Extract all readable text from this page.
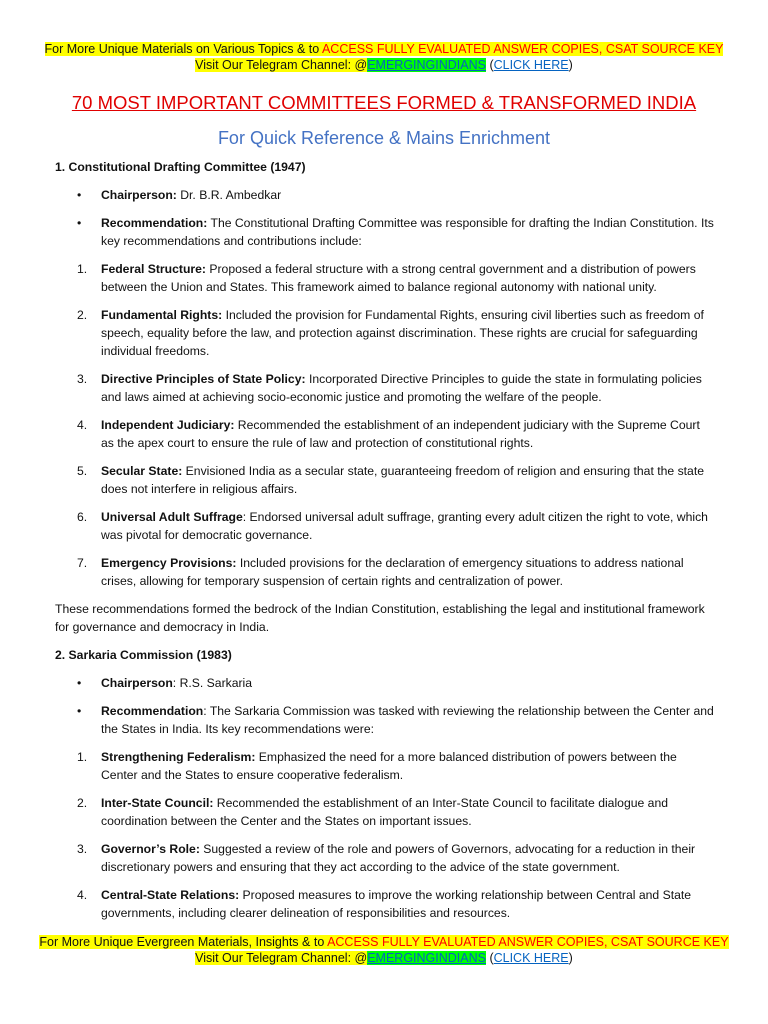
For More Unique Materials on Various Topics & to ACCESS FULLY EVALUATED ANSWER COPIES, CSAT SOURCE KEY
Visit Our Telegram Channel: @EMERGINGINDIANS (CLICK HERE)
70 MOST IMPORTANT COMMITTEES FORMED & TRANSFORMED INDIA
For Quick Reference & Mains Enrichment
1. Constitutional Drafting Committee (1947)
• Chairperson: Dr. B.R. Ambedkar
• Recommendation: The Constitutional Drafting Committee was responsible for drafting the Indian Constitution. Its key recommendations and contributions include:
1. Federal Structure: Proposed a federal structure with a strong central government and a distribution of powers between the Union and States. This framework aimed to balance regional autonomy with national unity.
2. Fundamental Rights: Included the provision for Fundamental Rights, ensuring civil liberties such as freedom of speech, equality before the law, and protection against discrimination. These rights are crucial for safeguarding individual freedoms.
3. Directive Principles of State Policy: Incorporated Directive Principles to guide the state in formulating policies and laws aimed at achieving socio-economic justice and promoting the welfare of the people.
4. Independent Judiciary: Recommended the establishment of an independent judiciary with the Supreme Court as the apex court to ensure the rule of law and protection of constitutional rights.
5. Secular State: Envisioned India as a secular state, guaranteeing freedom of religion and ensuring that the state does not interfere in religious affairs.
6. Universal Adult Suffrage: Endorsed universal adult suffrage, granting every adult citizen the right to vote, which was pivotal for democratic governance.
7. Emergency Provisions: Included provisions for the declaration of emergency situations to address national crises, allowing for temporary suspension of certain rights and centralization of power.
These recommendations formed the bedrock of the Indian Constitution, establishing the legal and institutional framework for governance and democracy in India.
2. Sarkaria Commission (1983)
• Chairperson: R.S. Sarkaria
• Recommendation: The Sarkaria Commission was tasked with reviewing the relationship between the Center and the States in India. Its key recommendations were:
1. Strengthening Federalism: Emphasized the need for a more balanced distribution of powers between the Center and the States to ensure cooperative federalism.
2. Inter-State Council: Recommended the establishment of an Inter-State Council to facilitate dialogue and coordination between the Center and the States on important issues.
3. Governor’s Role: Suggested a review of the role and powers of Governors, advocating for a reduction in their discretionary powers and ensuring that they act according to the advice of the state government.
4. Central-State Relations: Proposed measures to improve the working relationship between Central and State governments, including clearer delineation of responsibilities and resources.
For More Unique Evergreen Materials, Insights & to ACCESS FULLY EVALUATED ANSWER COPIES, CSAT SOURCE KEY
Visit Our Telegram Channel: @EMERGINGINDIANS (CLICK HERE)
